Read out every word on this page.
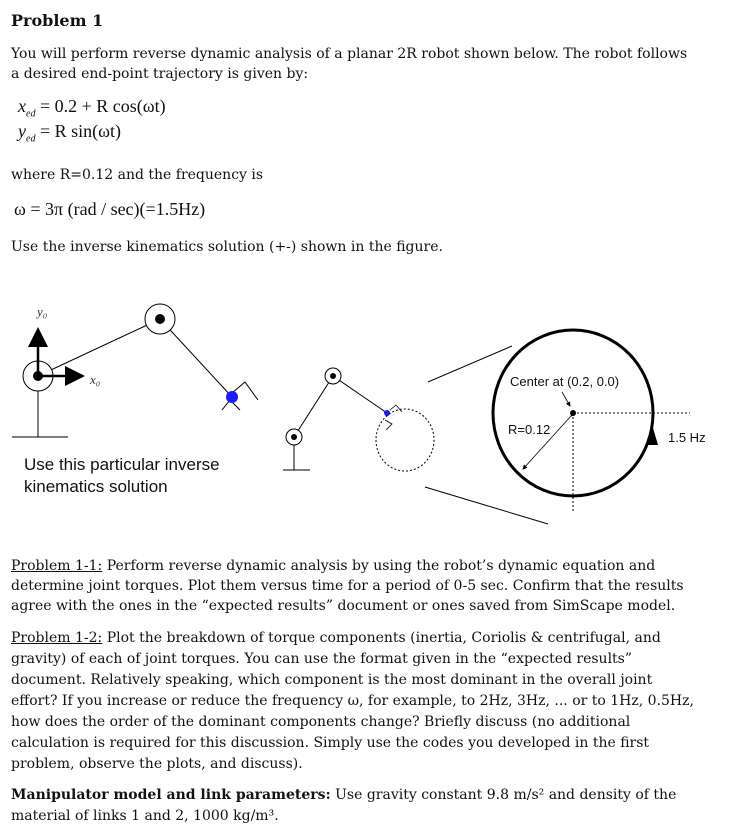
Problem 1
You will perform reverse dynamic analysis of a planar 2R robot shown below. The robot follows
a desired end-point trajectory is given by:
$x_{ed} = 0.2 + R$ cos(ωt)
$y_{ed} = R$ sin(ωt)
where R=0.12 and the frequency is
ω = 3π (rad / sec)(=1.5Hz)
Use the inverse kinematics solution (+-) shown in the figure.
y₀
x₀
Use this particular inverse
kinematics solution
Center at (0.2, 0.0)
R=0.12
1.5 Hz
Problem 1-1: Perform reverse dynamic analysis by using the robot’s dynamic equation and
determine joint torques. Plot them versus time for a period of 0-5 sec. Confirm that the results
agree with the ones in the “expected results” document or ones saved from SimScape model.
Problem 1-2: Plot the breakdown of torque components (inertia, Coriolis & centrifugal, and
gravity) of each of joint torques. You can use the format given in the “expected results”
document. Relatively speaking, which component is the most dominant in the overall joint
effort? If you increase or reduce the frequency ω, for example, to 2Hz, 3Hz, ... or to 1Hz, 0.5Hz,
how does the order of the dominant components change? Briefly discuss (no additional
calculation is required for this discussion. Simply use the codes you developed in the first
problem, observe the plots, and discuss).
Manipulator model and link parameters: Use gravity constant 9.8 m/s² and density of the
material of links 1 and 2, 1000 kg/m³.
